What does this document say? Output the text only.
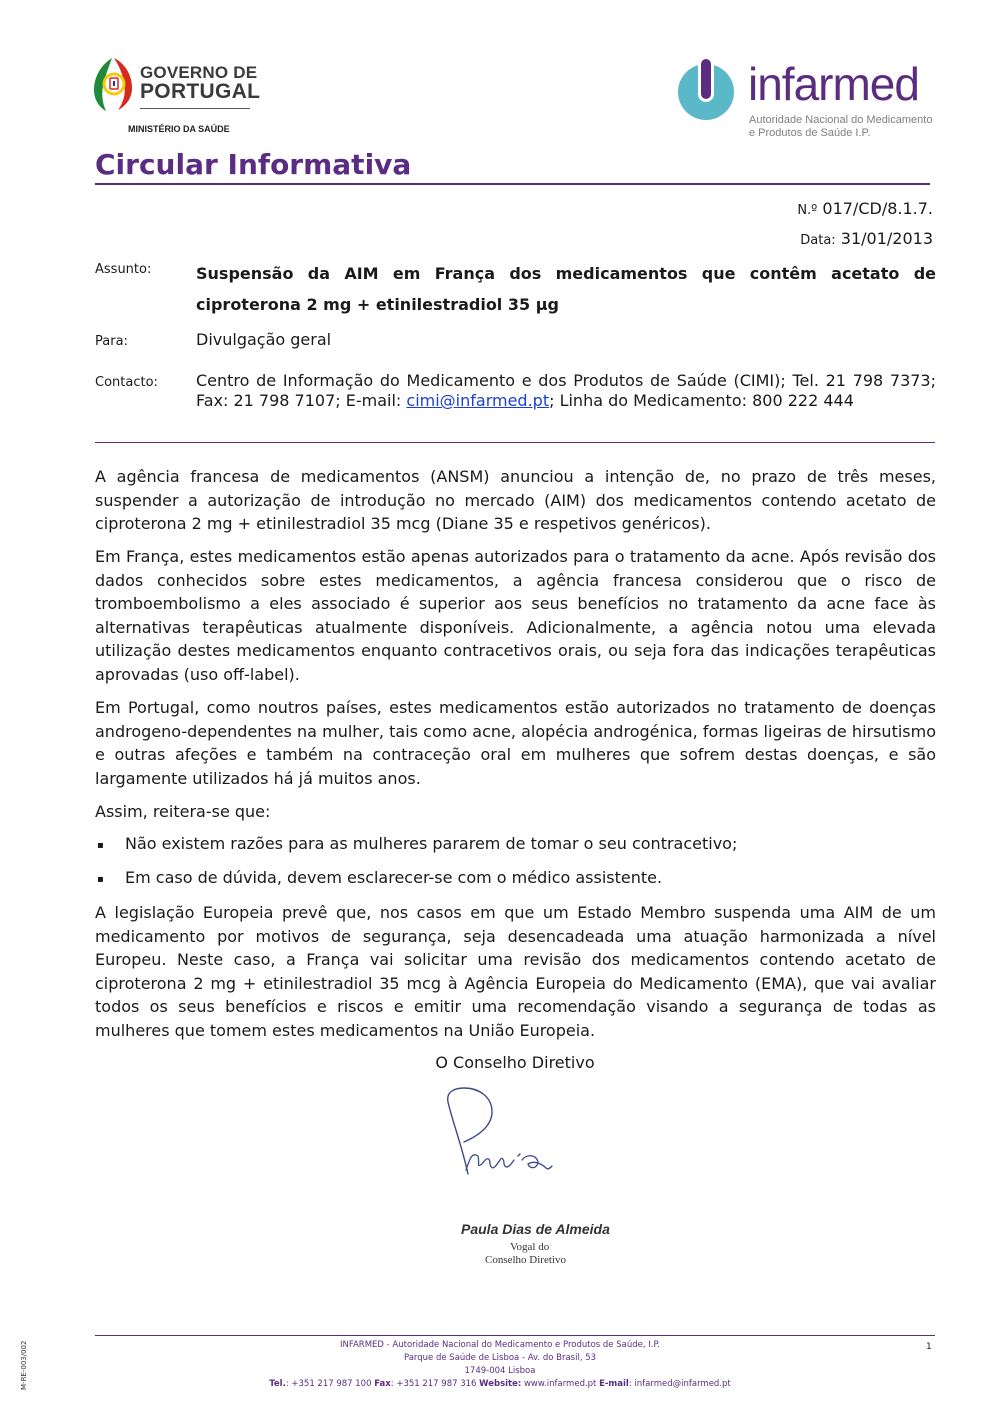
GOVERNO DE
PORTUGAL
MINISTÉRIO DA SAÚDE
infarmed
Autoridade Nacional do Medicamento
e Produtos de Saúde I.P.
Circular Informativa
N.º 017/CD/8.1.7.
Data: 31/01/2013
Assunto:	Suspensão da AIM em França dos medicamentos que contêm acetato de ciproterona 2 mg + etinilestradiol 35 µg
Para:	Divulgação geral
Contacto: Centro de Informação do Medicamento e dos Produtos de Saúde (CIMI); Tel. 21 798 7373; Fax: 21 798 7107; E-mail: cimi@infarmed.pt; Linha do Medicamento: 800 222 444

A agência francesa de medicamentos (ANSM) anunciou a intenção de, no prazo de três meses, suspender a autorização de introdução no mercado (AIM) dos medicamentos contendo acetato de ciproterona 2 mg + etinilestradiol 35 mcg (Diane 35 e respetivos genéricos).

Em França, estes medicamentos estão apenas autorizados para o tratamento da acne. Após revisão dos dados conhecidos sobre estes medicamentos, a agência francesa considerou que o risco de tromboembolismo a eles associado é superior aos seus benefícios no tratamento da acne face às alternativas terapêuticas atualmente disponíveis. Adicionalmente, a agência notou uma elevada utilização destes medicamentos enquanto contracetivos orais, ou seja fora das indicações terapêuticas aprovadas (uso off-label).

Em Portugal, como noutros países, estes medicamentos estão autorizados no tratamento de doenças androgeno-dependentes na mulher, tais como acne, alopécia androgénica, formas ligeiras de hirsutismo e outras afeções e também na contraceção oral em mulheres que sofrem destas doenças, e são largamente utilizados há já muitos anos.

Assim, reitera-se que:

▪ Não existem razões para as mulheres pararem de tomar o seu contracetivo;
▪ Em caso de dúvida, devem esclarecer-se com o médico assistente.

A legislação Europeia prevê que, nos casos em que um Estado Membro suspenda uma AIM de um medicamento por motivos de segurança, seja desencadeada uma atuação harmonizada a nível Europeu. Neste caso, a França vai solicitar uma revisão dos medicamentos contendo acetato de ciproterona 2 mg + etinilestradiol 35 mcg à Agência Europeia do Medicamento (EMA), que vai avaliar todos os seus benefícios e riscos e emitir uma recomendação visando a segurança de todas as mulheres que tomem estes medicamentos na União Europeia.

O Conselho Diretivo
Paula Dias de Almeida
Vogal do
Conselho Diretivo
INFARMED - Autoridade Nacional do Medicamento e Produtos de Saúde, I.P.
Parque de Saúde de Lisboa - Av. do Brasil, 53
1749-004 Lisboa
Tel.: +351 217 987 100 Fax: +351 217 987 316 Website: www.infarmed.pt E-mail: infarmed@infarmed.pt
1
M-RE-003/002
